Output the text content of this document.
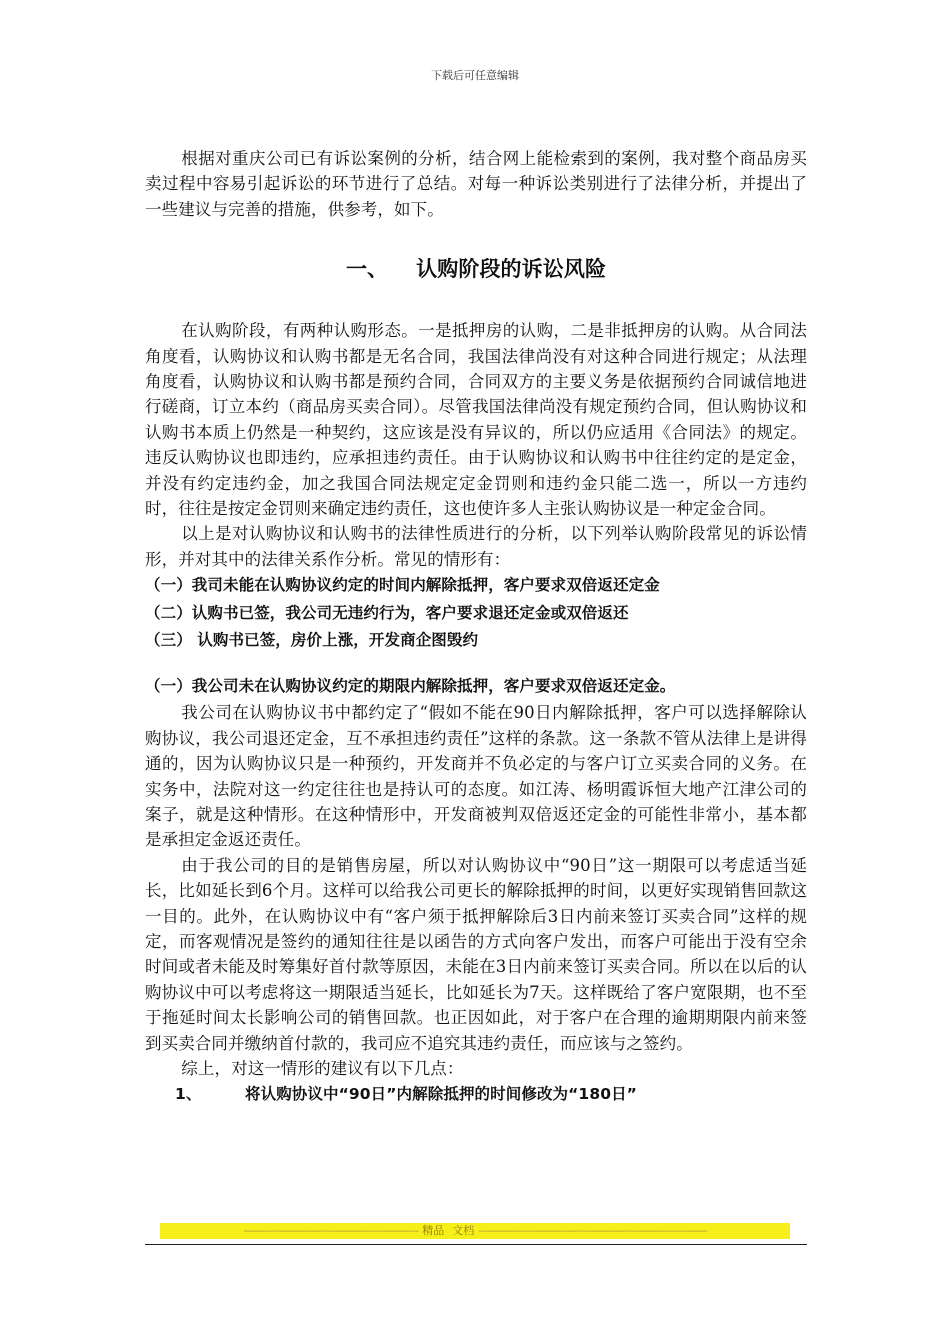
下载后可任意编辑

根据对重庆公司已有诉讼案例的分析，结合网上能检索到的案例，我对整个商品房买卖过程中容易引起诉讼的环节进行了总结。对每一种诉讼类别进行了法律分析，并提出了一些建议与完善的措施，供参考，如下。

一、 认购阶段的诉讼风险

在认购阶段，有两种认购形态。一是抵押房的认购，二是非抵押房的认购。从合同法角度看，认购协议和认购书都是无名合同，我国法律尚没有对这种合同进行规定；从法理角度看，认购协议和认购书都是预约合同，合同双方的主要义务是依据预约合同诚信地进行磋商，订立本约（商品房买卖合同）。尽管我国法律尚没有规定预约合同，但认购协议和认购书本质上仍然是一种契约，这应该是没有异议的，所以仍应适用《合同法》的规定。违反认购协议也即违约，应承担违约责任。由于认购协议和认购书中往往约定的是定金，并没有约定违约金，加之我国合同法规定定金罚则和违约金只能二选一，所以一方违约时，往往是按定金罚则来确定违约责任，这也使许多人主张认购协议是一种定金合同。

以上是对认购协议和认购书的法律性质进行的分析，以下列举认购阶段常见的诉讼情形，并对其中的法律关系作分析。常见的情形有：

（一）我司未能在认购协议约定的时间内解除抵押，客户要求双倍返还定金

（二）认购书已签，我公司无违约行为，客户要求退还定金或双倍返还

（三） 认购书已签，房价上涨，开发商企图毁约

（一）我公司未在认购协议约定的期限内解除抵押，客户要求双倍返还定金。

我公司在认购协议书中都约定了“假如不能在90日内解除抵押，客户可以选择解除认购协议，我公司退还定金，互不承担违约责任”这样的条款。这一条款不管从法律上是讲得通的，因为认购协议只是一种预约，开发商并不负必定的与客户订立买卖合同的义务。在实务中，法院对这一约定往往也是持认可的态度。如江涛、杨明霞诉恒大地产江津公司的案子，就是这种情形。在这种情形中，开发商被判双倍返还定金的可能性非常小，基本都是承担定金返还责任。

由于我公司的目的是销售房屋，所以对认购协议中“90日”这一期限可以考虑适当延长，比如延长到6个月。这样可以给我公司更长的解除抵押的时间，以更好实现销售回款这一目的。此外，在认购协议中有“客户须于抵押解除后3日内前来签订买卖合同”这样的规定，而客观情况是签约的通知往往是以函告的方式向客户发出，而客户可能出于没有空余时间或者未能及时筹集好首付款等原因，未能在3日内前来签订买卖合同。所以在以后的认购协议中可以考虑将这一期限适当延长，比如延长为7天。这样既给了客户宽限期，也不至于拖延时间太长影响公司的销售回款。也正因如此，对于客户在合理的逾期期限内前来签到买卖合同并缴纳首付款的，我司应不追究其违约责任，而应该与之签约。

综上，对这一情形的建议有以下几点：

1、	将认购协议中“90日”内解除抵押的时间修改为“180日”

----------------------------------------------------------- 精品 文档 -----------------------------------------------------------------------------
